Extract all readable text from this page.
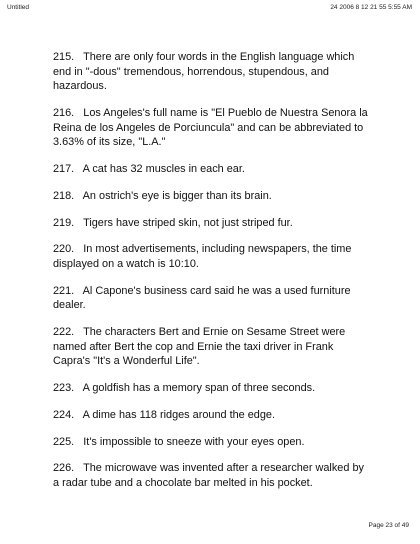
Untitled	24 2006 8 12 21 55 5:55 AM

215.   There are only four words in the English language which end in "-dous" tremendous, horrendous, stupendous, and hazardous.

216.   Los Angeles's full name is "El Pueblo de Nuestra Senora la Reina de los Angeles de Porciuncula" and can be abbreviated to 3.63% of its size, "L.A."

217.   A cat has 32 muscles in each ear.

218.   An ostrich's eye is bigger than its brain.

219.   Tigers have striped skin, not just striped fur.

220.   In most advertisements, including newspapers, the time displayed on a watch is 10:10.

221.   Al Capone's business card said he was a used furniture dealer.

222.   The characters Bert and Ernie on Sesame Street were named after Bert the cop and Ernie the taxi driver in Frank Capra's "It's a Wonderful Life".

223.   A goldfish has a memory span of three seconds.

224.   A dime has 118 ridges around the edge.

225.   It's impossible to sneeze with your eyes open.

226.   The microwave was invented after a researcher walked by a radar tube and a chocolate bar melted in his pocket.

Page 23 of 49
